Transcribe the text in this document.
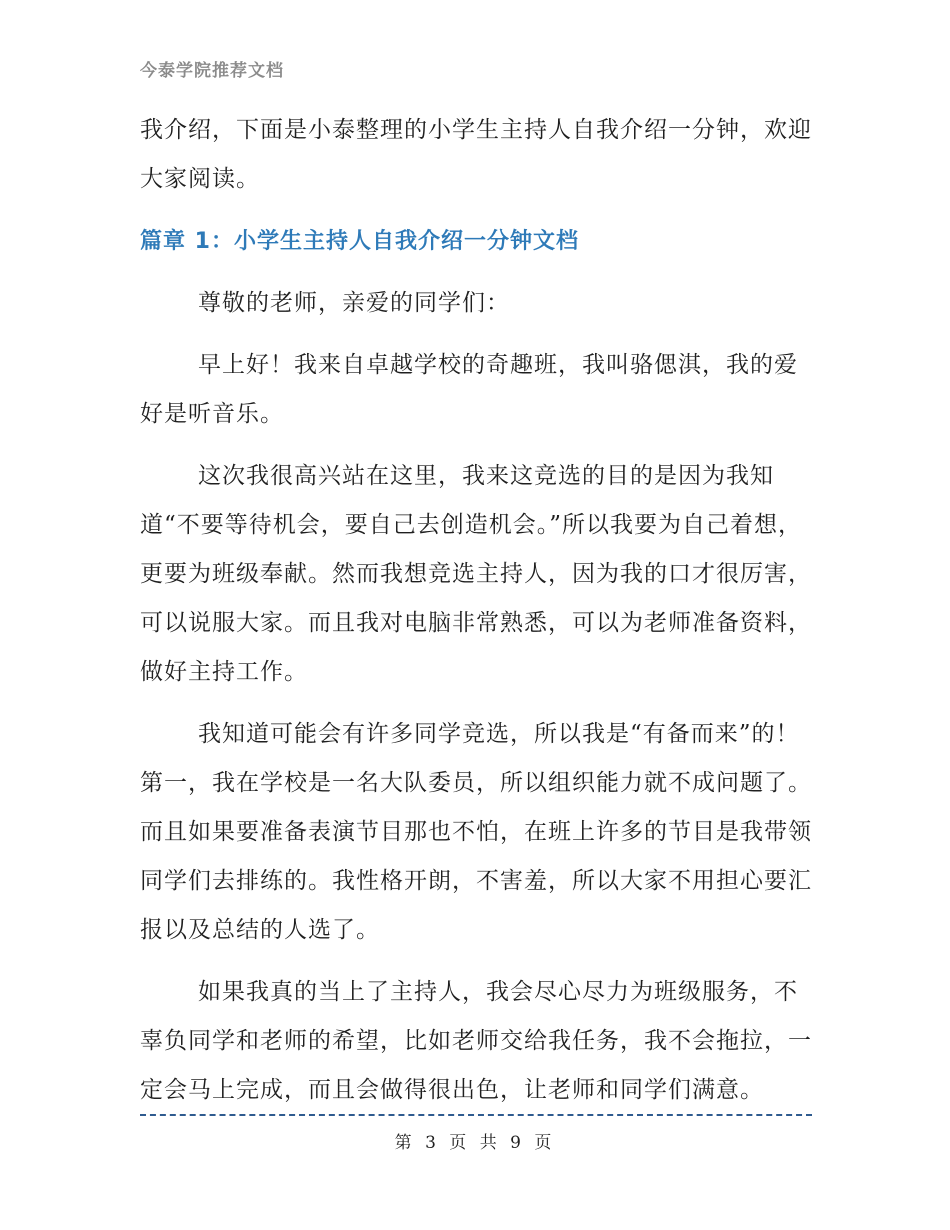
今泰学院推荐文档

我介绍，下面是小泰整理的小学生主持人自我介绍一分钟，欢迎大家阅读。

篇章 1：小学生主持人自我介绍一分钟文档

尊敬的老师，亲爱的同学们：

早上好！我来自卓越学校的奇趣班，我叫骆偲淇，我的爱好是听音乐。

这次我很高兴站在这里，我来这竞选的目的是因为我知道“不要等待机会，要自己去创造机会。”所以我要为自己着想，更要为班级奉献。然而我想竞选主持人，因为我的口才很厉害，可以说服大家。而且我对电脑非常熟悉，可以为老师准备资料，做好主持工作。

我知道可能会有许多同学竞选，所以我是“有备而来”的！第一，我在学校是一名大队委员，所以组织能力就不成问题了。而且如果要准备表演节目那也不怕，在班上许多的节目是我带领同学们去排练的。我性格开朗，不害羞，所以大家不用担心要汇报以及总结的人选了。

如果我真的当上了主持人，我会尽心尽力为班级服务，不辜负同学和老师的希望，比如老师交给我任务，我不会拖拉，一定会马上完成，而且会做得很出色，让老师和同学们满意。

第 3 页 共 9 页
